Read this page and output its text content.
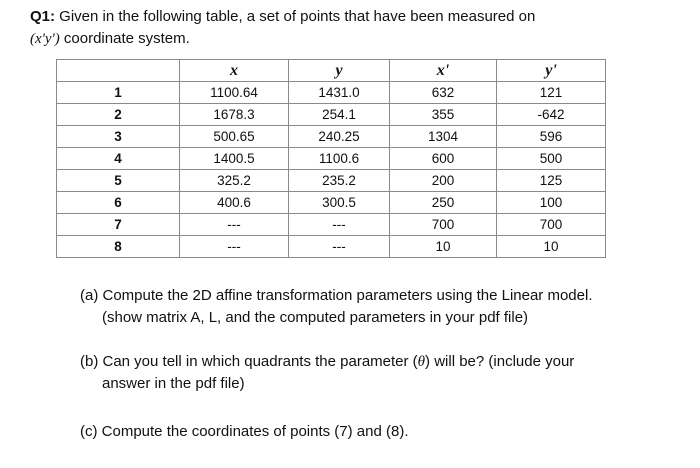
Q1: Given in the following table, a set of points that have been measured on
(x'y') coordinate system.
	x	y	x'	y'
1	1100.64	1431.0	632	121
2	1678.3	254.1	355	-642
3	500.65	240.25	1304	596
4	1400.5	1100.6	600	500
5	325.2	235.2	200	125
6	400.6	300.5	250	100
7	---	---	700	700
8	---	---	10	10
(a) Compute the 2D affine transformation parameters using the Linear model.
(show matrix A, L, and the computed parameters in your pdf file)
(b) Can you tell in which quadrants the parameter (θ) will be? (include your
answer in the pdf file)
(c) Compute the coordinates of points (7) and (8).
